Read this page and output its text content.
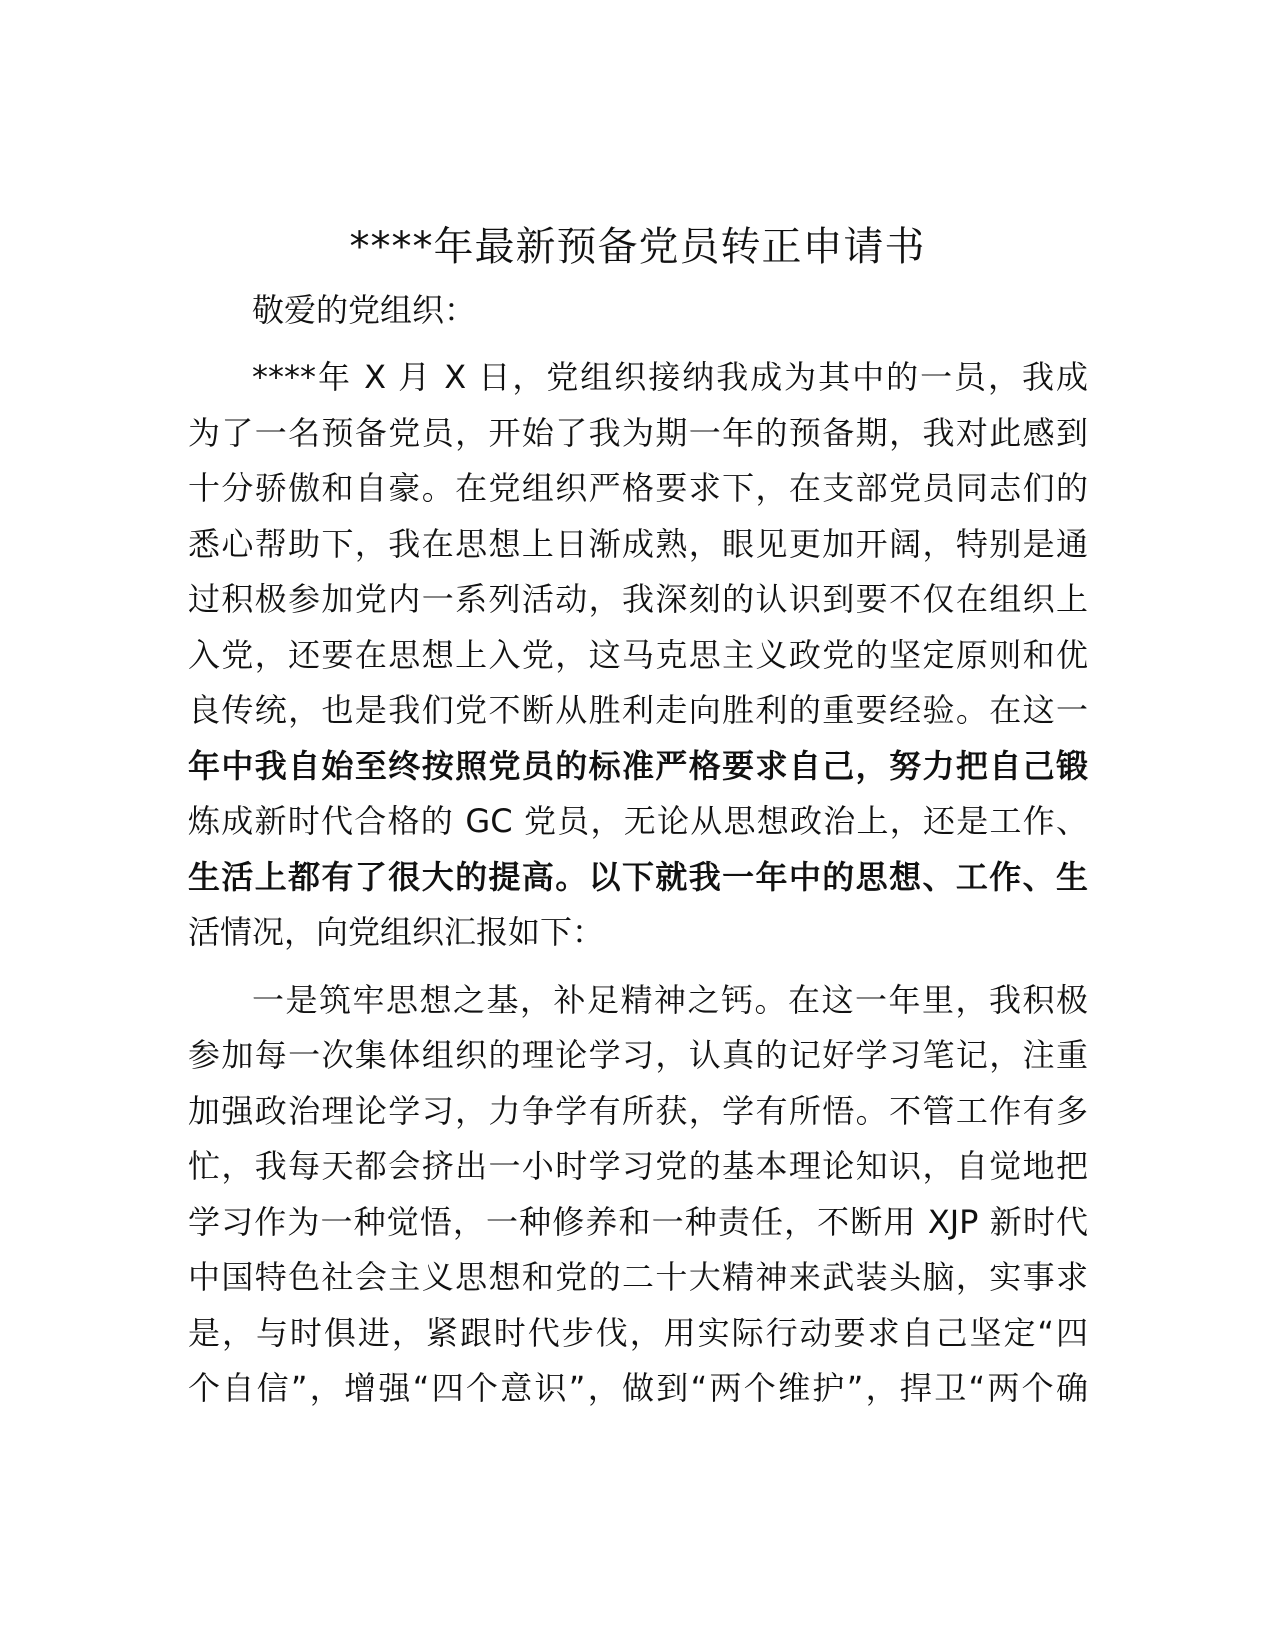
****年最新预备党员转正申请书
敬爱的党组织：
****年 X 月 X 日，党组织接纳我成为其中的一员，我成
为了一名预备党员，开始了我为期一年的预备期，我对此感到
十分骄傲和自豪。在党组织严格要求下，在支部党员同志们的
悉心帮助下，我在思想上日渐成熟，眼见更加开阔，特别是通
过积极参加党内一系列活动，我深刻的认识到要不仅在组织上
入党，还要在思想上入党，这马克思主义政党的坚定原则和优
良传统，也是我们党不断从胜利走向胜利的重要经验。在这一
年中我自始至终按照党员的标准严格要求自己，努力把自己锻
炼成新时代合格的 GC 党员，无论从思想政治上，还是工作、
生活上都有了很大的提高。以下就我一年中的思想、工作、生
活情况，向党组织汇报如下：
一是筑牢思想之基，补足精神之钙。在这一年里，我积极
参加每一次集体组织的理论学习，认真的记好学习笔记，注重
加强政治理论学习，力争学有所获，学有所悟。不管工作有多
忙，我每天都会挤出一小时学习党的基本理论知识，自觉地把
学习作为一种觉悟，一种修养和一种责任，不断用 XJP 新时代
中国特色社会主义思想和党的二十大精神来武装头脑，实事求
是，与时俱进，紧跟时代步伐，用实际行动要求自己坚定“四
个自信”，增强“四个意识”，做到“两个维护”，捍卫“两个确
